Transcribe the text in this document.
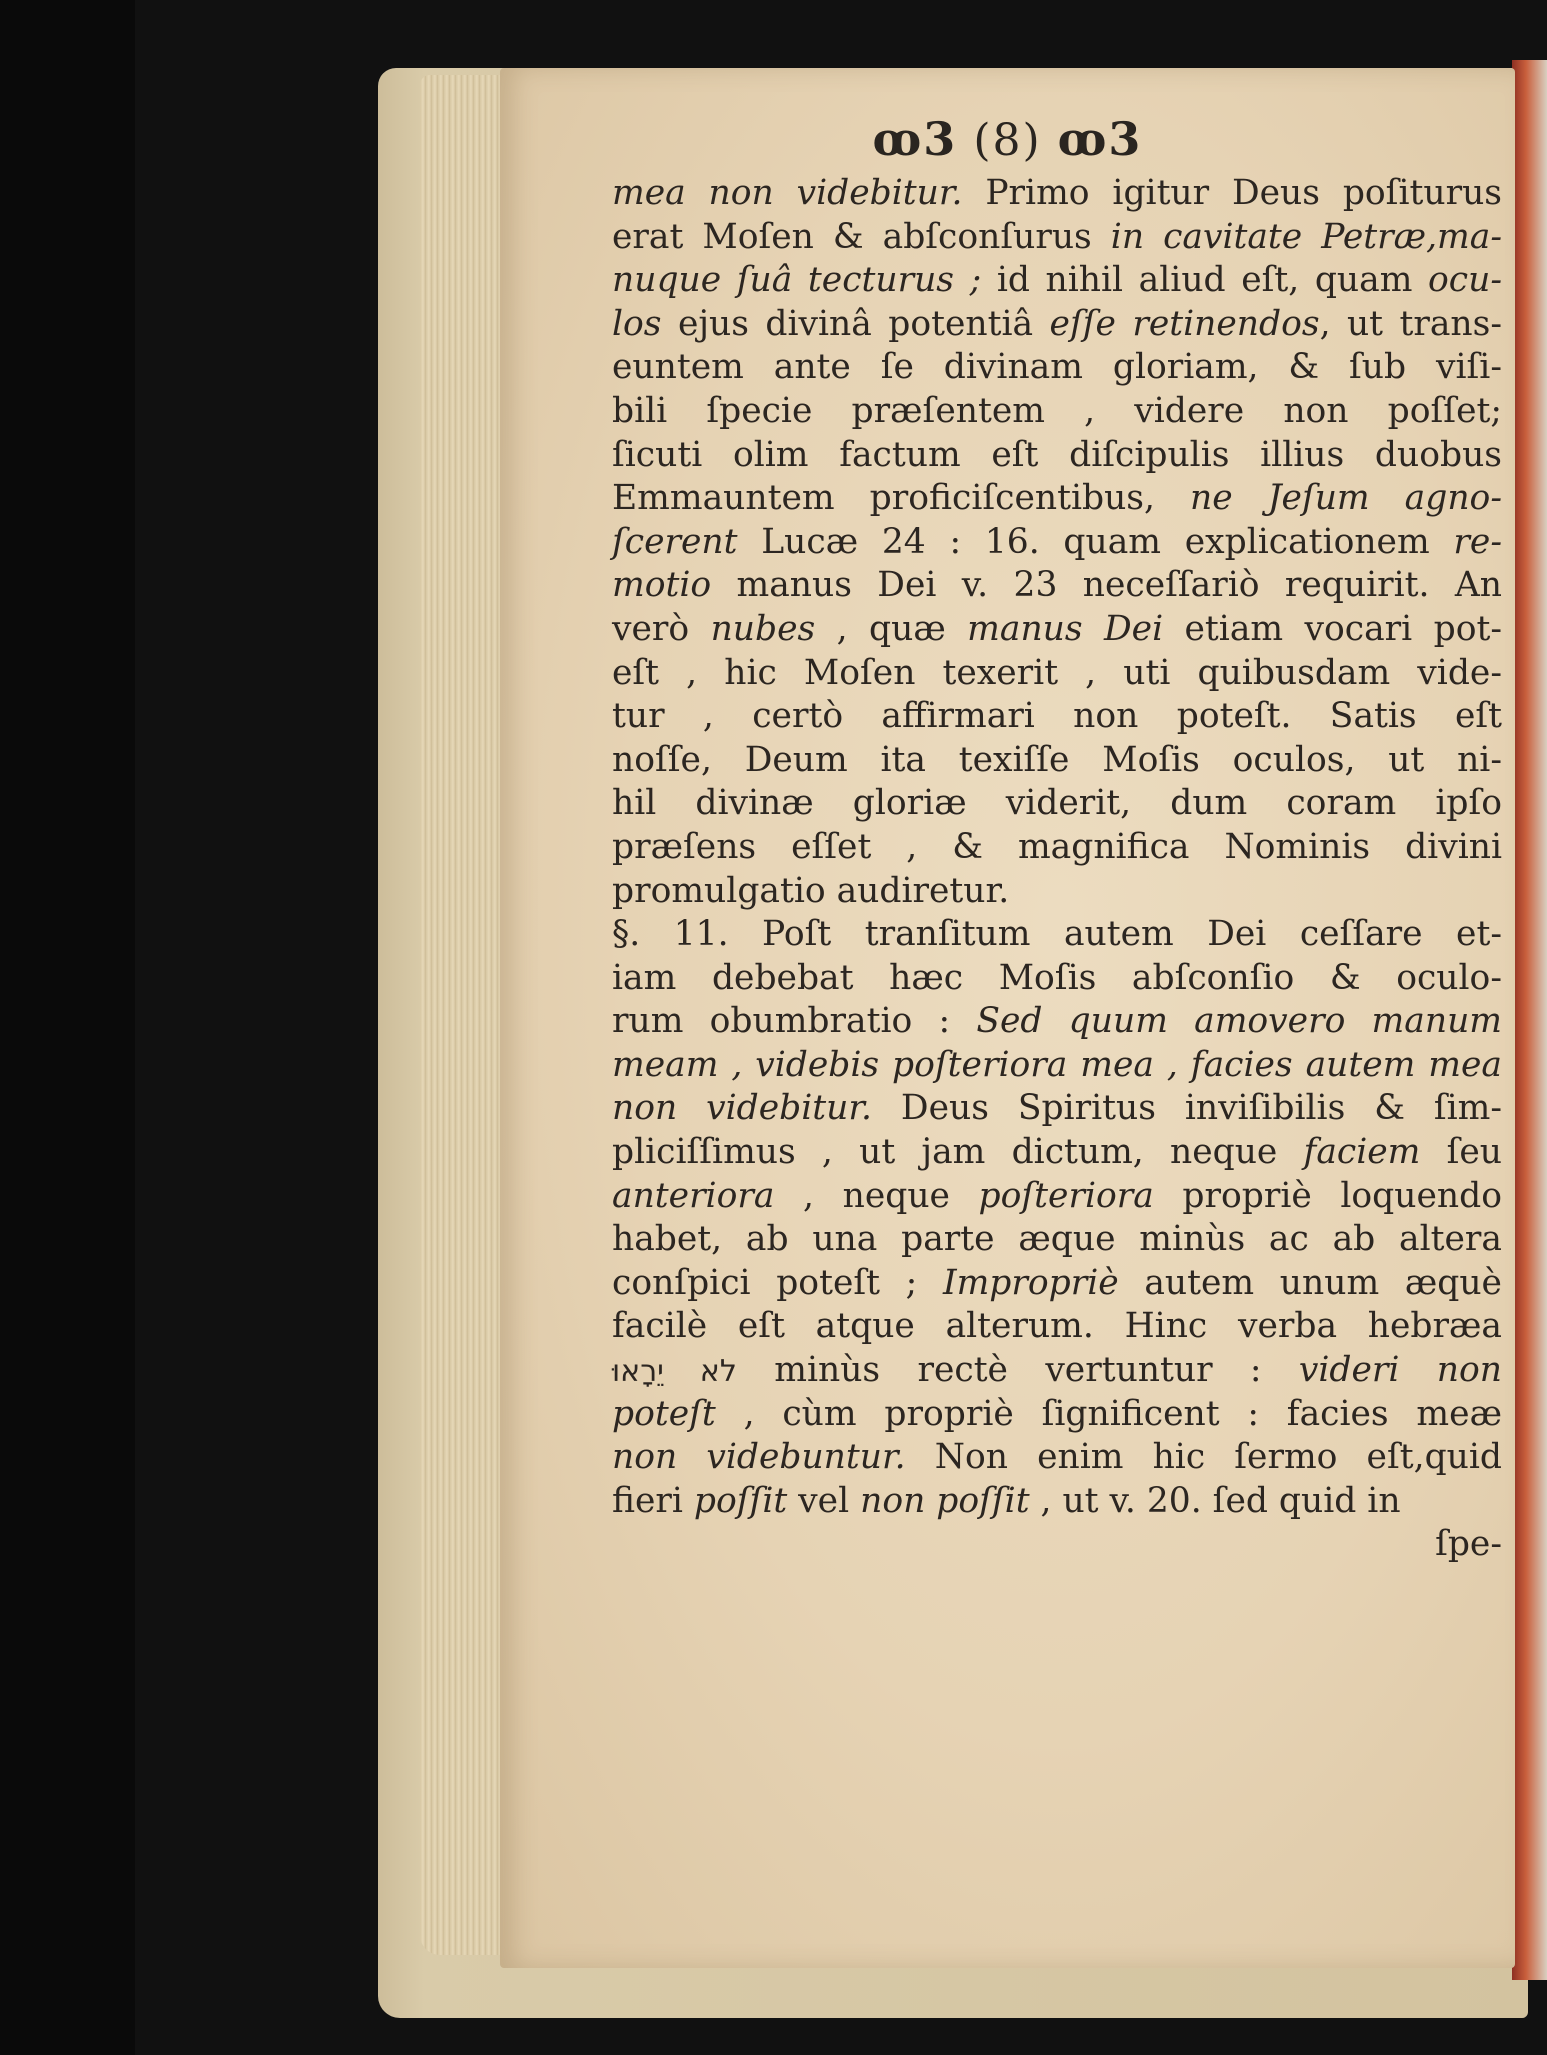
ꝏ3 (8) ꝏ3
mea non videbitur. Primo igitur Deus poſiturus
erat Moſen & abſconſurus in cavitate Petræ,ma-
nuque ſuâ tecturus ; id nihil aliud eſt, quam ocu-
los ejus divinâ potentiâ eſſe retinendos, ut trans-
euntem ante ſe divinam gloriam, & ſub viſi-
bili ſpecie præſentem , videre non poſſet;
ſicuti olim factum eſt diſcipulis illius duobus
Emmauntem proficiſcentibus, ne Jeſum agno-
ſcerent Lucæ 24 : 16. quam explicationem re-
motio manus Dei v. 23 neceſſariò requirit. An
verò nubes , quæ manus Dei etiam vocari pot-
eſt , hic Moſen texerit , uti quibusdam vide-
tur , certò affirmari non poteſt. Satis eſt
noſſe, Deum ita texiſſe Moſis oculos, ut ni-
hil divinæ gloriæ viderit, dum coram ipſo
præſens eſſet , & magnifica Nominis divini
promulgatio audiretur.
§. 11. Poſt tranſitum autem Dei ceſſare et-
iam debebat hæc Moſis abſconſio & oculo-
rum obumbratio : Sed quum amovero manum
meam , videbis poſteriora mea , facies autem mea
non videbitur. Deus Spiritus inviſibilis & ſim-
pliciſſimus , ut jam dictum, neque faciem ſeu
anteriora , neque poſteriora propriè loquendo
habet, ab una parte æque minùs ac ab altera
conſpici poteſt ; Impropriè autem unum æquè
facilè eſt atque alterum. Hinc verba hebræa
לא יֵרָאוּ minùs rectè vertuntur : videri non
poteſt , cùm propriè ſignificent : facies meæ
non videbuntur. Non enim hic ſermo eſt,quid
fieri poſſit vel non poſſit , ut v. 20. ſed quid in
ſpe-
